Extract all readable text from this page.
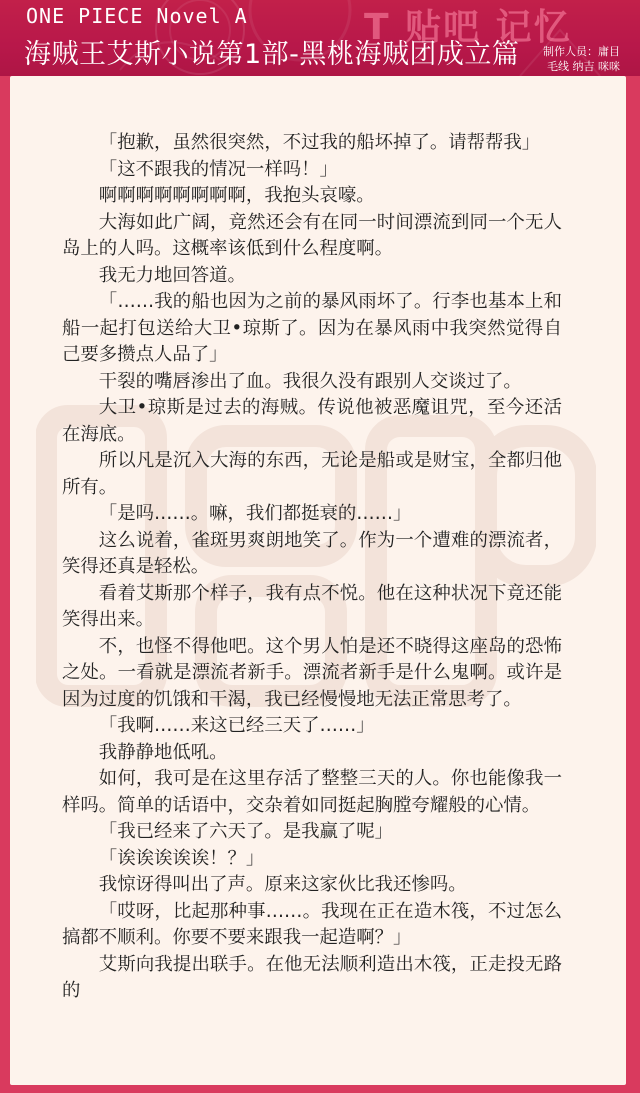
T 贴吧 记忆
ONE PIECE Novel A
海贼王艾斯小说第1部-黑桃海贼团成立篇 制作人员：庸目
毛线 纳吉 咪咪

「抱歉，虽然很突然，不过我的船坏掉了。请帮帮我」

「这不跟我的情况一样吗！」

啊啊啊啊啊啊啊啊，我抱头哀嚎。

大海如此广阔，竟然还会有在同一时间漂流到同一个无人岛上的人吗。这概率该低到什么程度啊。

我无力地回答道。

「……我的船也因为之前的暴风雨坏了。行李也基本上和船一起打包送给大卫•琼斯了。因为在暴风雨中我突然觉得自己要多攒点人品了」

干裂的嘴唇渗出了血。我很久没有跟别人交谈过了。

大卫•琼斯是过去的海贼。传说他被恶魔诅咒，至今还活在海底。

所以凡是沉入大海的东西，无论是船或是财宝，全都归他所有。

「是吗……。嘛，我们都挺衰的……」

这么说着，雀斑男爽朗地笑了。作为一个遭难的漂流者，笑得还真是轻松。

看着艾斯那个样子，我有点不悦。他在这种状况下竟还能笑得出来。

不，也怪不得他吧。这个男人怕是还不晓得这座岛的恐怖之处。一看就是漂流者新手。漂流者新手是什么鬼啊。或许是因为过度的饥饿和干渴，我已经慢慢地无法正常思考了。

「我啊……来这已经三天了……」

我静静地低吼。

如何，我可是在这里存活了整整三天的人。你也能像我一样吗。简单的话语中，交杂着如同挺起胸膛夸耀般的心情。

「我已经来了六天了。是我赢了呢」

「诶诶诶诶诶！？」

我惊讶得叫出了声。原来这家伙比我还惨吗。

「哎呀，比起那种事……。我现在正在造木筏，不过怎么搞都不顺利。你要不要来跟我一起造啊？」

艾斯向我提出联手。在他无法顺利造出木筏，正走投无路的
